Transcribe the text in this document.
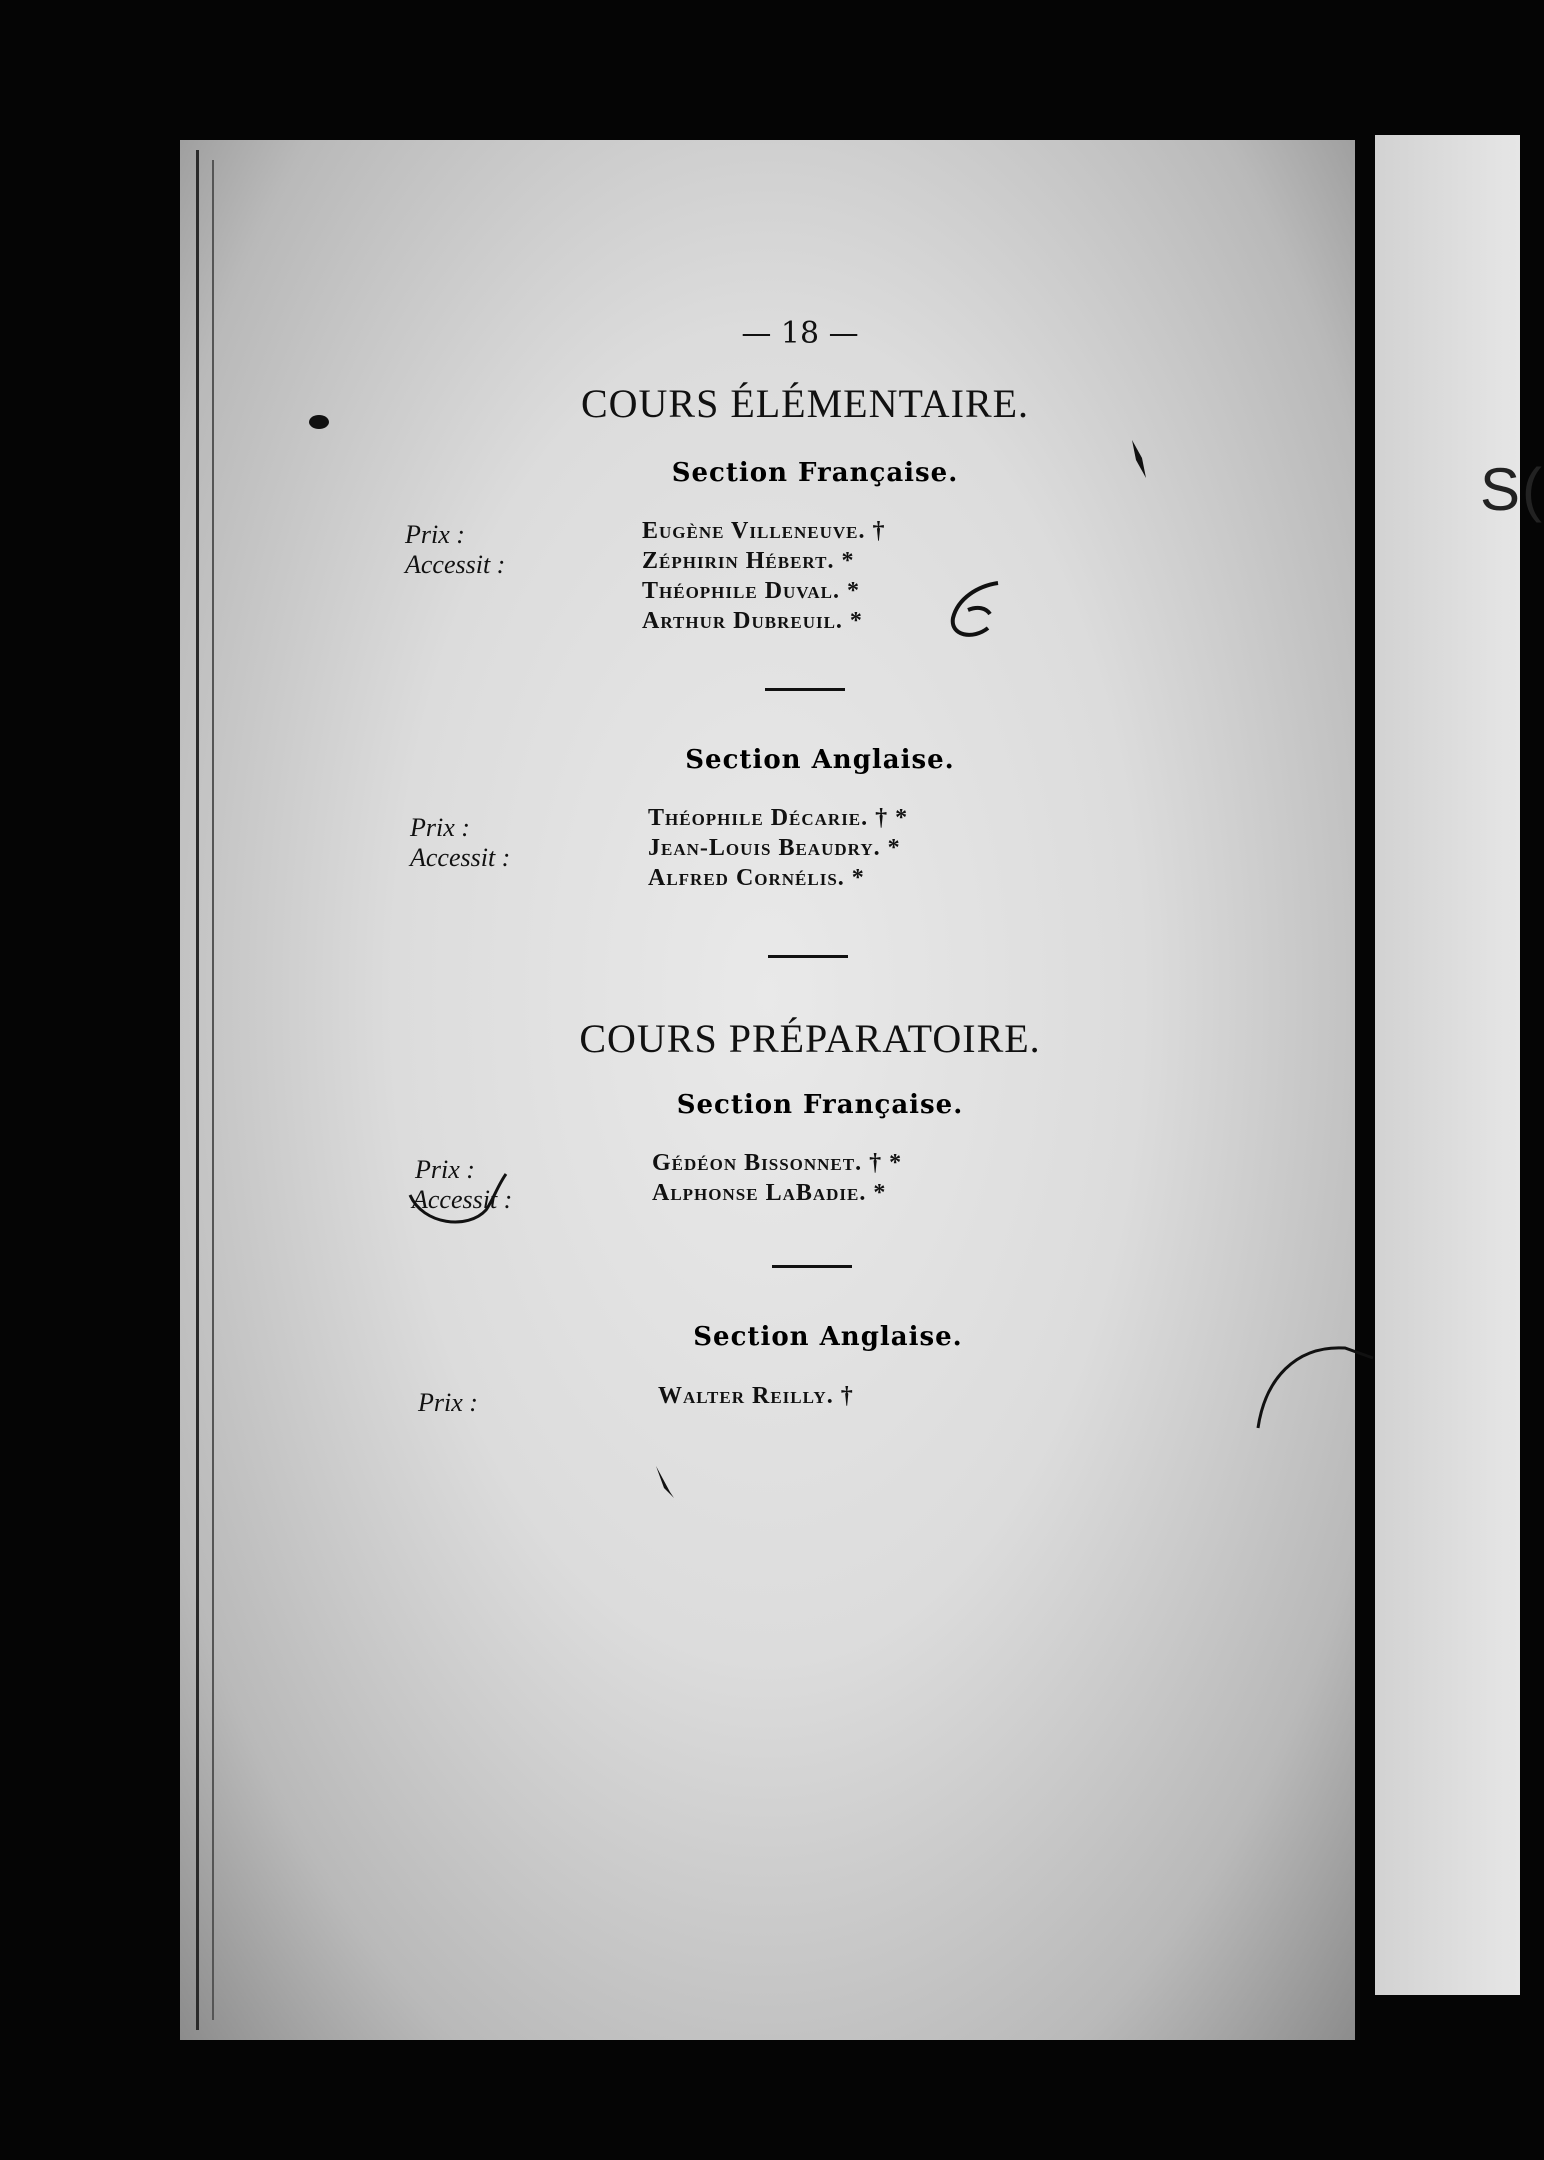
S(
— 18 —
COURS ÉLÉMENTAIRE.
Section Française.
Prix :
Accessit :
Eugène Villeneuve. †
Zéphirin Hébert. *
Théophile Duval. *
Arthur Dubreuil. *
Section Anglaise.
Prix :
Accessit :
Théophile Décarie. † *
Jean-Louis Beaudry. *
Alfred Cornélis. *
COURS PRÉPARATOIRE.
Section Française.
Prix :
Accessit :
Gédéon Bissonnet. † *
Alphonse LaBadie. *
Section Anglaise.
Prix :	Walter Reilly. †
